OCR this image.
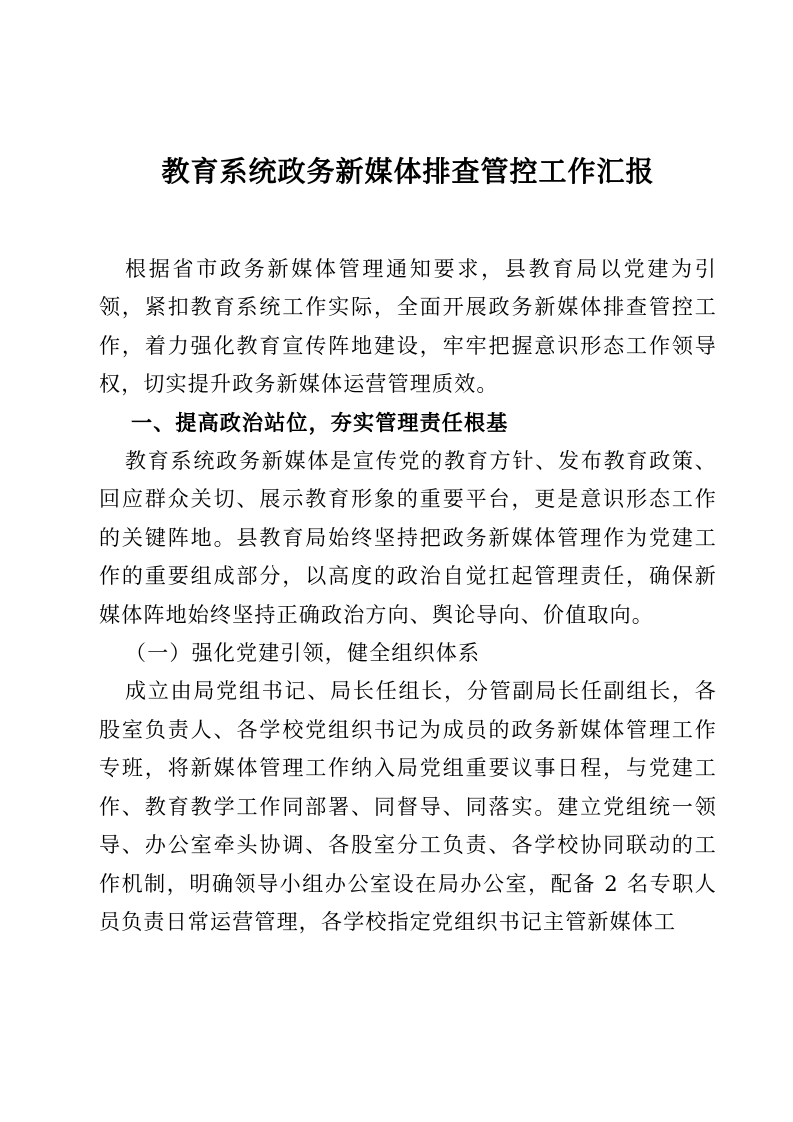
教育系统政务新媒体排查管控工作汇报

根据省市政务新媒体管理通知要求，县教育局以党建为引领，紧扣教育系统工作实际，全面开展政务新媒体排查管控工作，着力强化教育宣传阵地建设，牢牢把握意识形态工作领导权，切实提升政务新媒体运营管理质效。

一、提高政治站位，夯实管理责任根基

教育系统政务新媒体是宣传党的教育方针、发布教育政策、回应群众关切、展示教育形象的重要平台，更是意识形态工作的关键阵地。县教育局始终坚持把政务新媒体管理作为党建工作的重要组成部分，以高度的政治自觉扛起管理责任，确保新媒体阵地始终坚持正确政治方向、舆论导向、价值取向。

（一）强化党建引领，健全组织体系

成立由局党组书记、局长任组长，分管副局长任副组长，各股室负责人、各学校党组织书记为成员的政务新媒体管理工作专班，将新媒体管理工作纳入局党组重要议事日程，与党建工作、教育教学工作同部署、同督导、同落实。建立党组统一领导、办公室牵头协调、各股室分工负责、各学校协同联动的工作机制，明确领导小组办公室设在局办公室，配备 2 名专职人员负责日常运营管理，各学校指定党组织书记主管新媒体工
